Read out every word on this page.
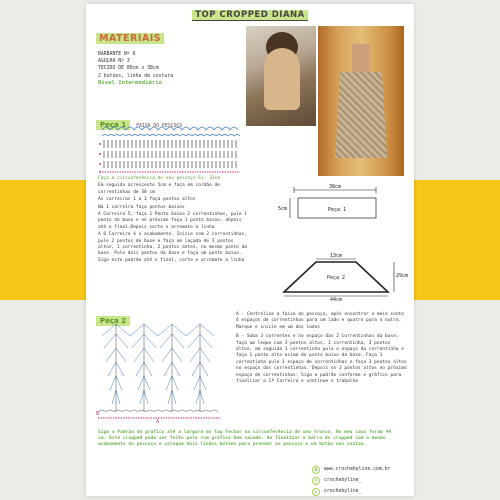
TOP CROPPED DIANA
MATERIAIS
BARBANTE Nº 6
AGULHA Nº 3
TECIDO DE 80cm x 38cm
2 botões, linha de costura
Nível Intermediário
Peça 1 FAIXA DO PESCOÇO

Faça a circunferência do seu pescoço Ex: 33cm

Em seguida acrescente 5cm e faça em cordão de correntinhas de 38 cm

As carreiras 1 a 3 faça pontos altos

Na 1 carreira faça pontos baixos

A Carreira 5, faça 1 Ponto baixo 2 correntinhas, pule 1 ponto da base e no próximo faça 1 ponto baixo. depois até o final.Depois corte e arremate a linha

A 6 Carreira é o acabamento. Inicie com 2 correntinhas, pule 2 pontos de base e faça um laçada de 3 pontos altos, 1 correntinha, 2 pontos antes, no mesmo ponto da base. Pule dois pontos da base e faça um ponto baixo. Siga este padrão até o final, corte e arremate a linha

38cm
5cm	Peça 1
13cm
29cm
Peça 2
44cm
Peça 2
B
A

A - Centralize a faixa do pescoço, após encontrar o meio conte 4 espaços de correntinhas para um lado e quatro para o outro. Marque e inicie em um dos lados

B - Suba 3 correntes e no espaço das 2 correntinhas da base, faça um leque com 3 pontos altos, 1 correntinha, 3 pontos altos, em seguida 1 correntinha pule o espaço da correntinha e faça 1 ponto alto acima do ponto baixo da base. Faça 1 correntinha pule 1 espaço de correntinhas e faça 3 pontos altos no espaço das correntinhas. Depois os 3 pontos altos no próximo espaço de correntinhas. Siga o padrão conforme o gráfico para finalizar a 1ª Carreira e continue o trabalho

Siga o Padrão do gráfico até a largura do top fechar na circunferência do seu tronco. No meu caso foram 44 cm. Este cropped pode ser feito pelo rum gráfico bem vazado. Ao finalizar a barra do cropped com o mesmo acabamento do pescoço e coloque dois lindos botões para prender no pescoço e um botão nas costas.
◍	www.crochebyline.com.br
◎	crochebyline_
▸	crochebyline_
